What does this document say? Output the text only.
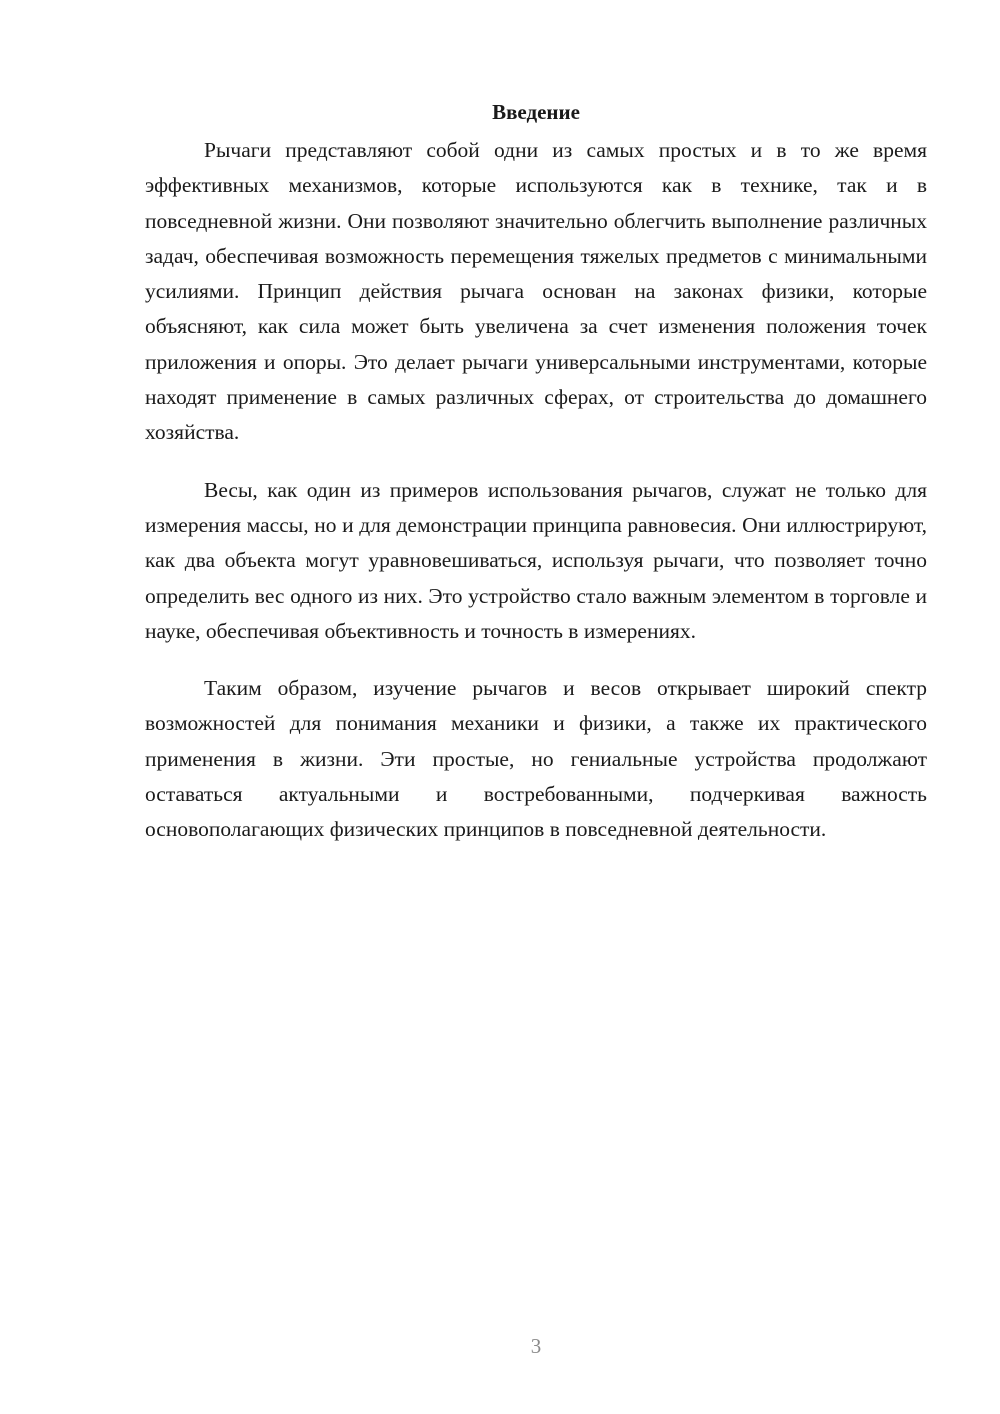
Введение

Рычаги представляют собой одни из самых простых и в то же время эффективных механизмов, которые используются как в технике, так и в повседневной жизни. Они позволяют значительно облегчить выполнение различных задач, обеспечивая возможность перемещения тяжелых предметов с минимальными усилиями. Принцип действия рычага основан на законах физики, которые объясняют, как сила может быть увеличена за счет изменения положения точек приложения и опоры. Это делает рычаги универсальными инструментами, которые находят применение в самых различных сферах, от строительства до домашнего хозяйства.

Весы, как один из примеров использования рычагов, служат не только для измерения массы, но и для демонстрации принципа равновесия. Они иллюстрируют, как два объекта могут уравновешиваться, используя рычаги, что позволяет точно определить вес одного из них. Это устройство стало важным элементом в торговле и науке, обеспечивая объективность и точность в измерениях.

Таким образом, изучение рычагов и весов открывает широкий спектр возможностей для понимания механики и физики, а также их практического применения в жизни. Эти простые, но гениальные устройства продолжают оставаться актуальными и востребованными, подчеркивая важность основополагающих физических принципов в повседневной деятельности.

3
